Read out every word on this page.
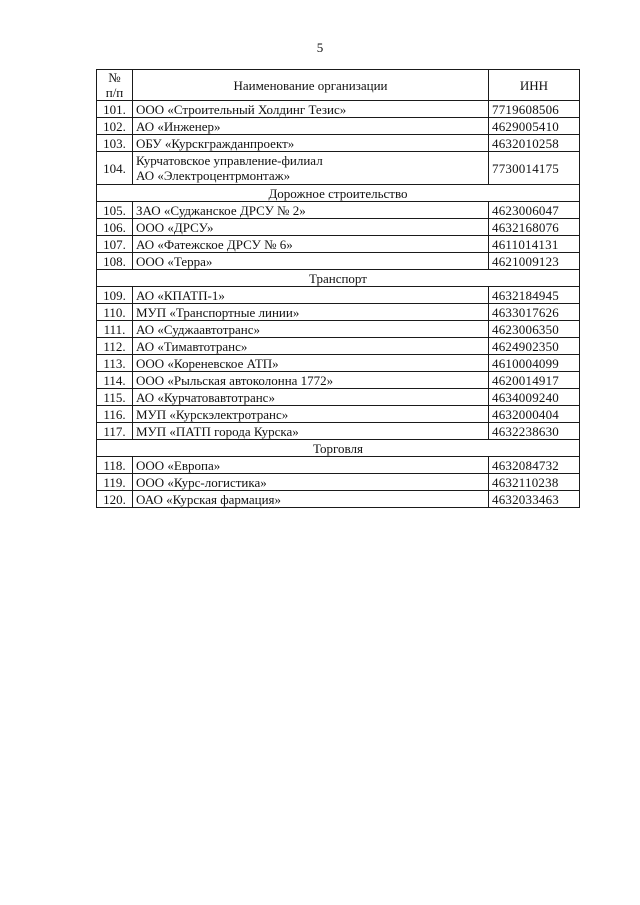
5
№
п/п	Наименование организации	ИНН
101.	ООО «Строительный Холдинг Тезис»	7719608506
102.	АО «Инженер»	4629005410
103.	ОБУ «Курскгражданпроект»	4632010258
104.	Курчатовское управление-филиал
АО «Электроцентрмонтаж»	7730014175
Дорожное строительство		
105.	ЗАО «Суджанское ДРСУ № 2»	4623006047
106.	ООО «ДРСУ»	4632168076
107.	АО «Фатежское ДРСУ № 6»	4611014131
108.	ООО «Терра»	4621009123
Транспорт		
109.	АО «КПАТП-1»	4632184945
110.	МУП «Транспортные линии»	4633017626
111.	АО «Суджаавтотранс»	4623006350
112.	АО «Тимавтотранс»	4624902350
113.	ООО «Кореневское АТП»	4610004099
114.	ООО «Рыльская автоколонна 1772»	4620014917
115.	АО «Курчатовавтотранс»	4634009240
116.	МУП «Курскэлектротранс»	4632000404
117.	МУП «ПАТП города Курска»	4632238630
Торговля		
118.	ООО «Европа»	4632084732
119.	ООО «Курс-логистика»	4632110238
120.	ОАО «Курская фармация»	4632033463
